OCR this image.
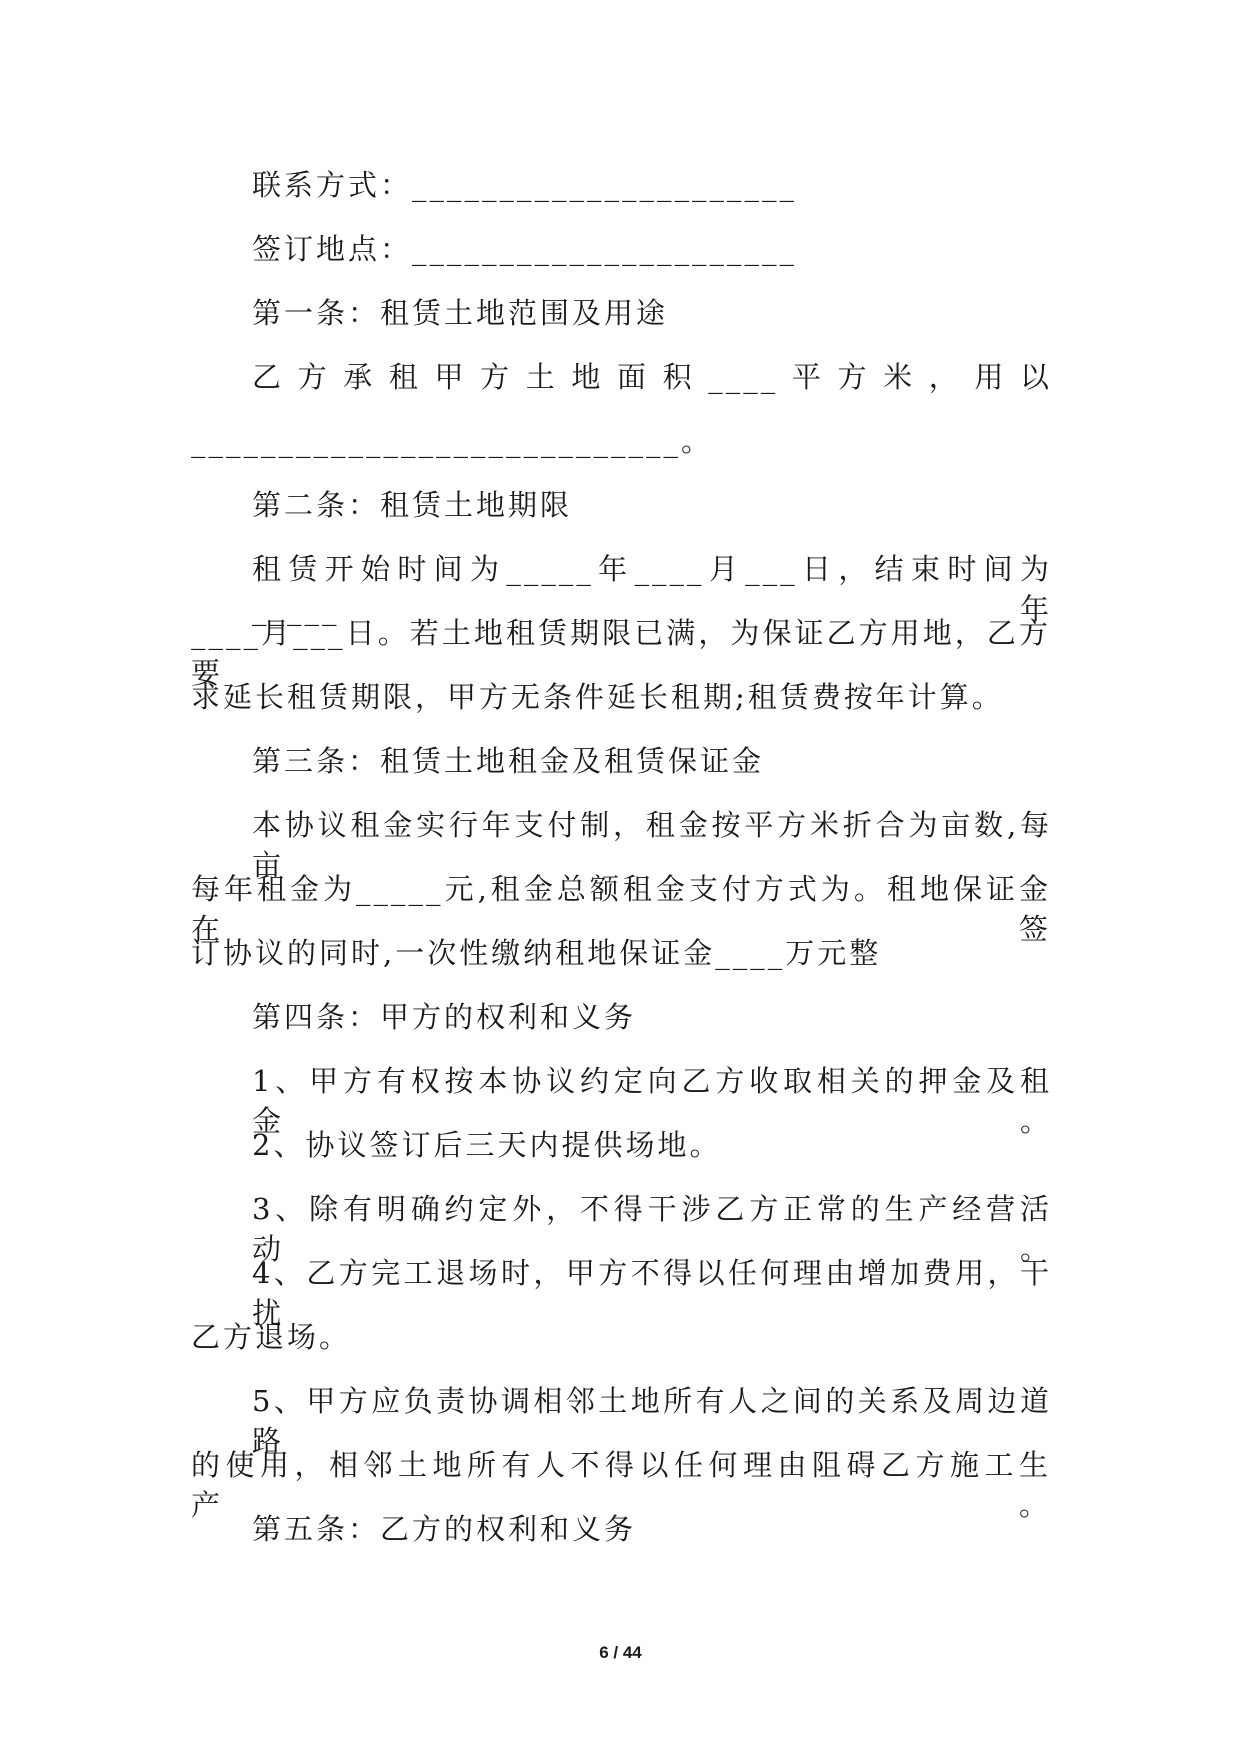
联系方式：______________________
签订地点：______________________
第一条：租赁土地范围及用途
乙方承租甲方土地面积____平方米，用以
____________________________。
第二条：租赁土地期限
租赁开始时间为_____年____月___日，结束时间为_____年
____月___日。若土地租赁期限已满，为保证乙方用地，乙方要
求延长租赁期限，甲方无条件延长租期;租赁费按年计算。
第三条：租赁土地租金及租赁保证金
本协议租金实行年支付制，租金按平方米折合为亩数,每亩
每年租金为_____元,租金总额租金支付方式为。租地保证金在签
订协议的同时,一次性缴纳租地保证金____万元整
第四条：甲方的权利和义务
1、甲方有权按本协议约定向乙方收取相关的押金及租金。
2、协议签订后三天内提供场地。
3、除有明确约定外，不得干涉乙方正常的生产经营活动。
4、乙方完工退场时，甲方不得以任何理由增加费用，干扰
乙方退场。
5、甲方应负责协调相邻土地所有人之间的关系及周边道路
的使用，相邻土地所有人不得以任何理由阻碍乙方施工生产。
第五条：乙方的权利和义务
6 / 44
